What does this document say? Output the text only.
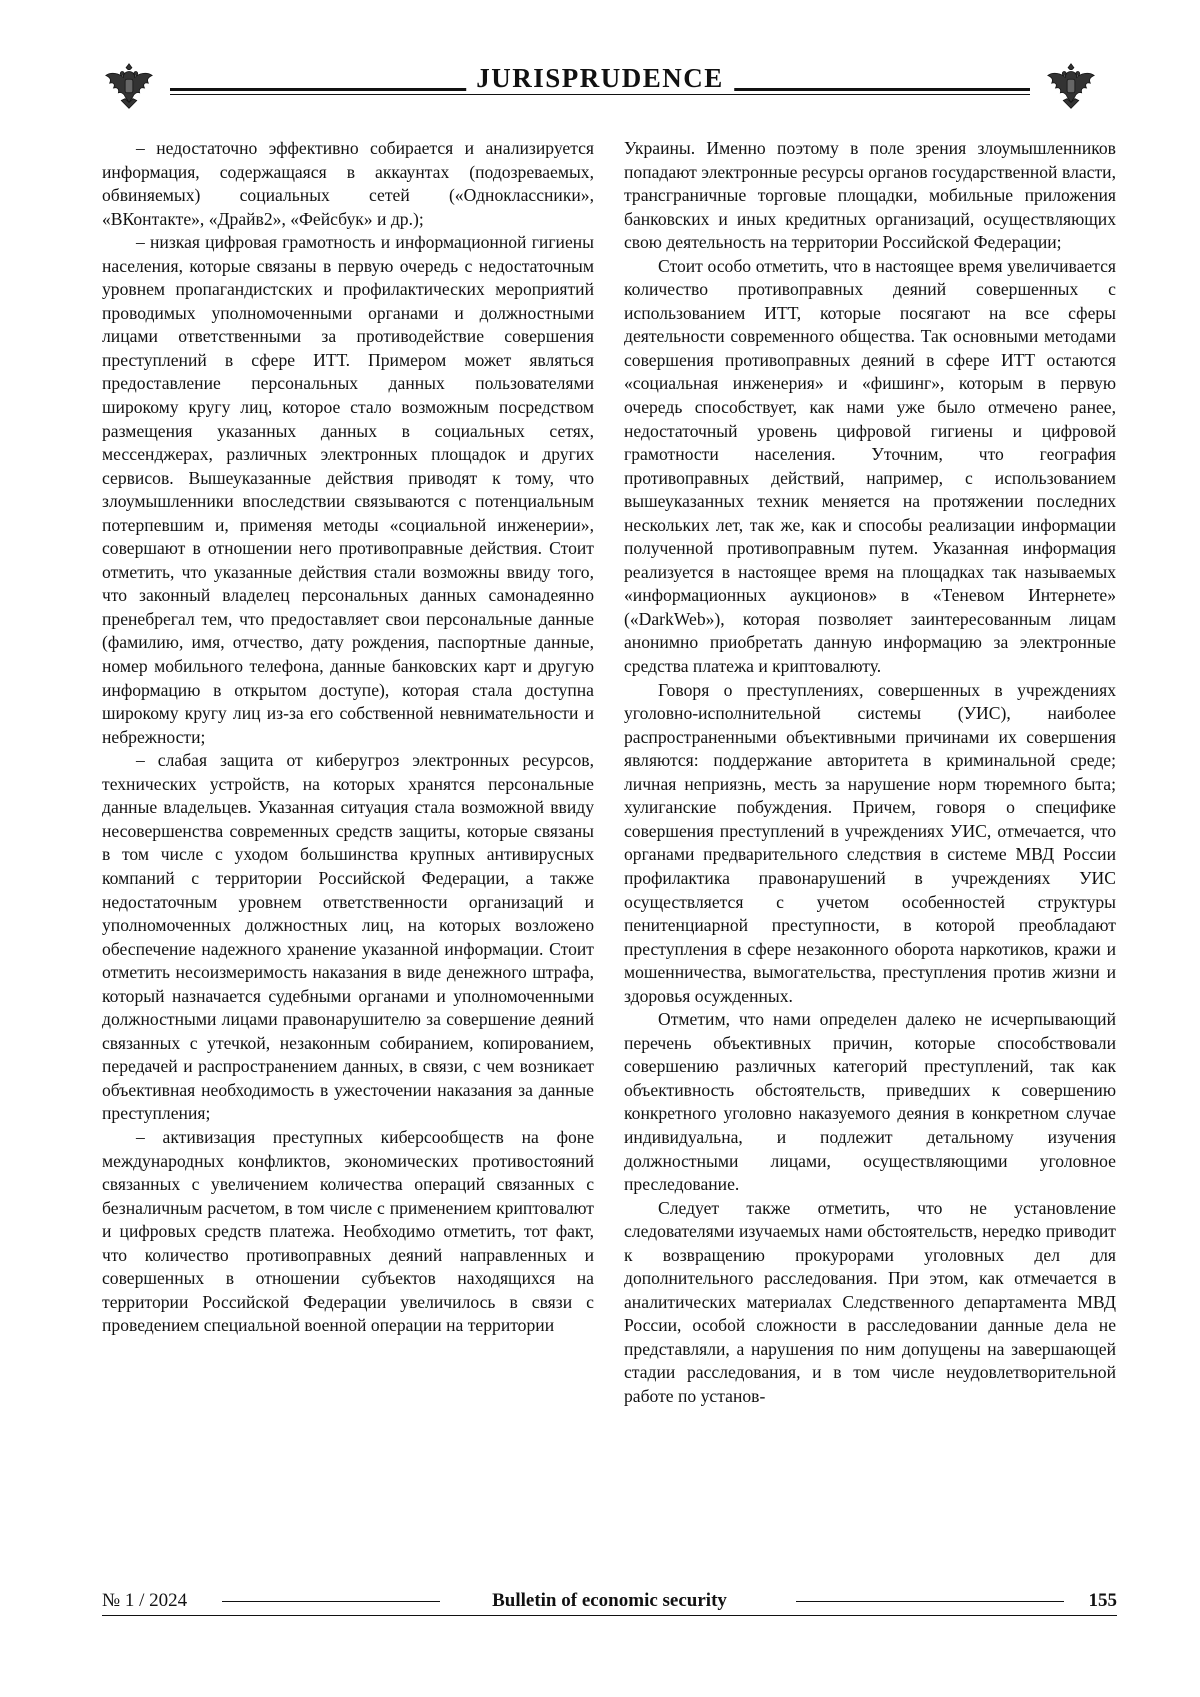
JURISPRUDENCE

– недостаточно эффективно собирается и анализируется информация, содержащаяся в аккаунтах (подозреваемых, обвиняемых) социальных сетей («Одноклассники», «ВКонтакте», «Драйв2», «Фейсбук» и др.);

– низкая цифровая грамотность и информационной гигиены населения, которые связаны в первую очередь с недостаточным уровнем пропагандистских и профилактических мероприятий проводимых уполномоченными органами и должностными лицами ответственными за противодействие совершения преступлений в сфере ИТТ. Примером может являться предоставление персональных данных пользователями широкому кругу лиц, которое стало возможным посредством размещения указанных данных в социальных сетях, мессенджерах, различных электронных площадок и других сервисов. Вышеуказанные действия приводят к тому, что злоумышленники впоследствии связываются с потенциальным потерпевшим и, применяя методы «социальной инженерии», совершают в отношении него противоправные действия. Стоит отметить, что указанные действия стали возможны ввиду того, что законный владелец персональных данных самонадеянно пренебрегал тем, что предоставляет свои персональные данные (фамилию, имя, отчество, дату рождения, паспортные данные, номер мобильного телефона, данные банковских карт и другую информацию в открытом доступе), которая стала доступна широкому кругу лиц из-за его собственной невнимательности и небрежности;

– слабая защита от киберугроз электронных ресурсов, технических устройств, на которых хранятся персональные данные владельцев. Указанная ситуация стала возможной ввиду несовершенства современных средств защиты, которые связаны в том числе с уходом большинства крупных антивирусных компаний с территории Российской Федерации, а также недостаточным уровнем ответственности организаций и уполномоченных должностных лиц, на которых возложено обеспечение надежного хранение указанной информации. Стоит отметить несоизмеримость наказания в виде денежного штрафа, который назначается судебными органами и уполномоченными должностными лицами правонарушителю за совершение деяний связанных с утечкой, незаконным собиранием, копированием, передачей и распространением данных, в связи, с чем возникает объективная необходимость в ужесточении наказания за данные преступления;

– активизация преступных киберсообществ на фоне международных конфликтов, экономических противостояний связанных с увеличением количества операций связанных с безналичным расчетом, в том числе с применением криптовалют и цифровых средств платежа. Необходимо отметить, тот факт, что количество противоправных деяний направленных и совершенных в отношении субъектов находящихся на территории Российской Федерации увеличилось в связи с проведением специальной военной операции на территории

Украины. Именно поэтому в поле зрения злоумышленников попадают электронные ресурсы органов государственной власти, трансграничные торговые площадки, мобильные приложения банковских и иных кредитных организаций, осуществляющих свою деятельность на территории Российской Федерации;

Стоит особо отметить, что в настоящее время увеличивается количество противоправных деяний совершенных с использованием ИТТ, которые посягают на все сферы деятельности современного общества. Так основными методами совершения противоправных деяний в сфере ИТТ остаются «социальная инженерия» и «фишинг», которым в первую очередь способствует, как нами уже было отмечено ранее, недостаточный уровень цифровой гигиены и цифровой грамотности населения. Уточним, что география противоправных действий, например, с использованием вышеуказанных техник меняется на протяжении последних нескольких лет, так же, как и способы реализации информации полученной противоправным путем. Указанная информация реализуется в настоящее время на площадках так называемых «информационных аукционов» в «Теневом Интернете» («DarkWeb»), которая позволяет заинтересованным лицам анонимно приобретать данную информацию за электронные средства платежа и криптовалюту.

Говоря о преступлениях, совершенных в учреждениях уголовно-исполнительной системы (УИС), наиболее распространенными объективными причинами их совершения являются: поддержание авторитета в криминальной среде; личная неприязнь, месть за нарушение норм тюремного быта; хулиганские побуждения. Причем, говоря о специфике совершения преступлений в учреждениях УИС, отмечается, что органами предварительного следствия в системе МВД России профилактика правонарушений в учреждениях УИС осуществляется с учетом особенностей структуры пенитенциарной преступности, в которой преобладают преступления в сфере незаконного оборота наркотиков, кражи и мошенничества, вымогательства, преступления против жизни и здоровья осужденных.

Отметим, что нами определен далеко не исчерпывающий перечень объективных причин, которые способствовали совершению различных категорий преступлений, так как объективность обстоятельств, приведших к совершению конкретного уголовно наказуемого деяния в конкретном случае индивидуальна, и подлежит детальному изучения должностными лицами, осуществляющими уголовное преследование.

Следует также отметить, что не установление следователями изучаемых нами обстоятельств, нередко приводит к возвращению прокурорами уголовных дел для дополнительного расследования. При этом, как отмечается в аналитических материалах Следственного департамента МВД России, особой сложности в расследовании данные дела не представляли, а нарушения по ним допущены на завершающей стадии расследования, и в том числе неудовлетворительной работе по установ-

№ 1 / 2024	Bulletin of economic security	155
